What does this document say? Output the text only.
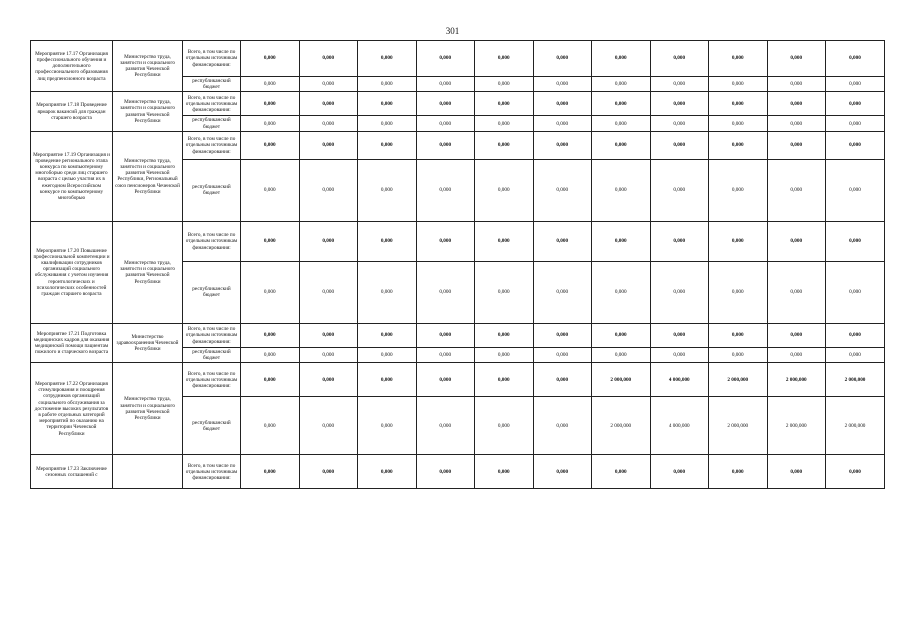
301
Мероприятие 17.17 Организация профессионального обучения и дополнительного профессионального образования лиц предпенсионного возраста	Министерство труда, занятости и социального развития Чеченской Республики	Всего, в том числе по отдельным источникам финансирования:	0,000	0,000	0,000	0,000	0,000	0,000	0,000	0,000	0,000	0,000	0,000
		республиканский бюджет	0,000	0,000	0,000	0,000	0,000	0,000	0,000	0,000	0,000	0,000	0,000
Мероприятие 17.18 Проведение ярмарок вакансий для граждан старшего возраста	Министерство труда, занятости и социального развития Чеченской Республики	Всего, в том числе по отдельным источникам финансирования:	0,000	0,000	0,000	0,000	0,000	0,000	0,000	0,000	0,000	0,000	0,000
		республиканский бюджет	0,000	0,000	0,000	0,000	0,000	0,000	0,000	0,000	0,000	0,000	0,000
Мероприятие 17.19 Организация и проведение регионального этапа конкурса по компьютерному многоборью среди лиц старшего возраста с целью участия их в ежегодном Всероссийском конкурсе по компьютерному многоборью	Министерство труда, занятости и социального развития Чеченской Республики, Региональный союз пенсионеров Чеченской Республики	Всего, в том числе по отдельным источникам финансирования:	0,000	0,000	0,000	0,000	0,000	0,000	0,000	0,000	0,000	0,000	0,000
		республиканский бюджет	0,000	0,000	0,000	0,000	0,000	0,000	0,000	0,000	0,000	0,000	0,000
Мероприятие 17.20 Повышение профессиональной компетенции и квалификации сотрудников организаций социального обслуживания с учетом изучения геронтологических и психологических особенностей граждан старшего возраста	Министерство труда, занятости и социального развития Чеченской Республики	Всего, в том числе по отдельным источникам финансирования:	0,000	0,000	0,000	0,000	0,000	0,000	0,000	0,000	0,000	0,000	0,000
		республиканский бюджет	0,000	0,000	0,000	0,000	0,000	0,000	0,000	0,000	0,000	0,000	0,000
Мероприятие 17.21 Подготовка медицинских кадров для оказания медицинской помощи пациентам пожилого и старческого возраста	Министерство здравоохранения Чеченской Республики	Всего, в том числе по отдельным источникам финансирования:	0,000	0,000	0,000	0,000	0,000	0,000	0,000	0,000	0,000	0,000	0,000
		республиканский бюджет	0,000	0,000	0,000	0,000	0,000	0,000	0,000	0,000	0,000	0,000	0,000
Мероприятие 17.22 Организация стимулирования и поощрения сотрудников организаций социального обслуживания за достижение высоких результатов в работе отдельных категорий мероприятий по оказанию на территории Чеченской Республики	Министерство труда, занятости и социального развития Чеченской Республики	Всего, в том числе по отдельным источникам финансирования:	0,000	0,000	0,000	0,000	0,000	0,000	2 000,000	4 000,000	2 000,000	2 000,000	2 000,000
		республиканский бюджет	0,000	0,000	0,000	0,000	0,000	0,000	2 000,000	4 000,000	2 000,000	2 000,000	2 000,000
Мероприятие 17.23 Заключение сезонных соглашений с		Всего, в том числе по отдельным источникам финансирования:	0,000	0,000	0,000	0,000	0,000	0,000	0,000	0,000	0,000	0,000	0,000
